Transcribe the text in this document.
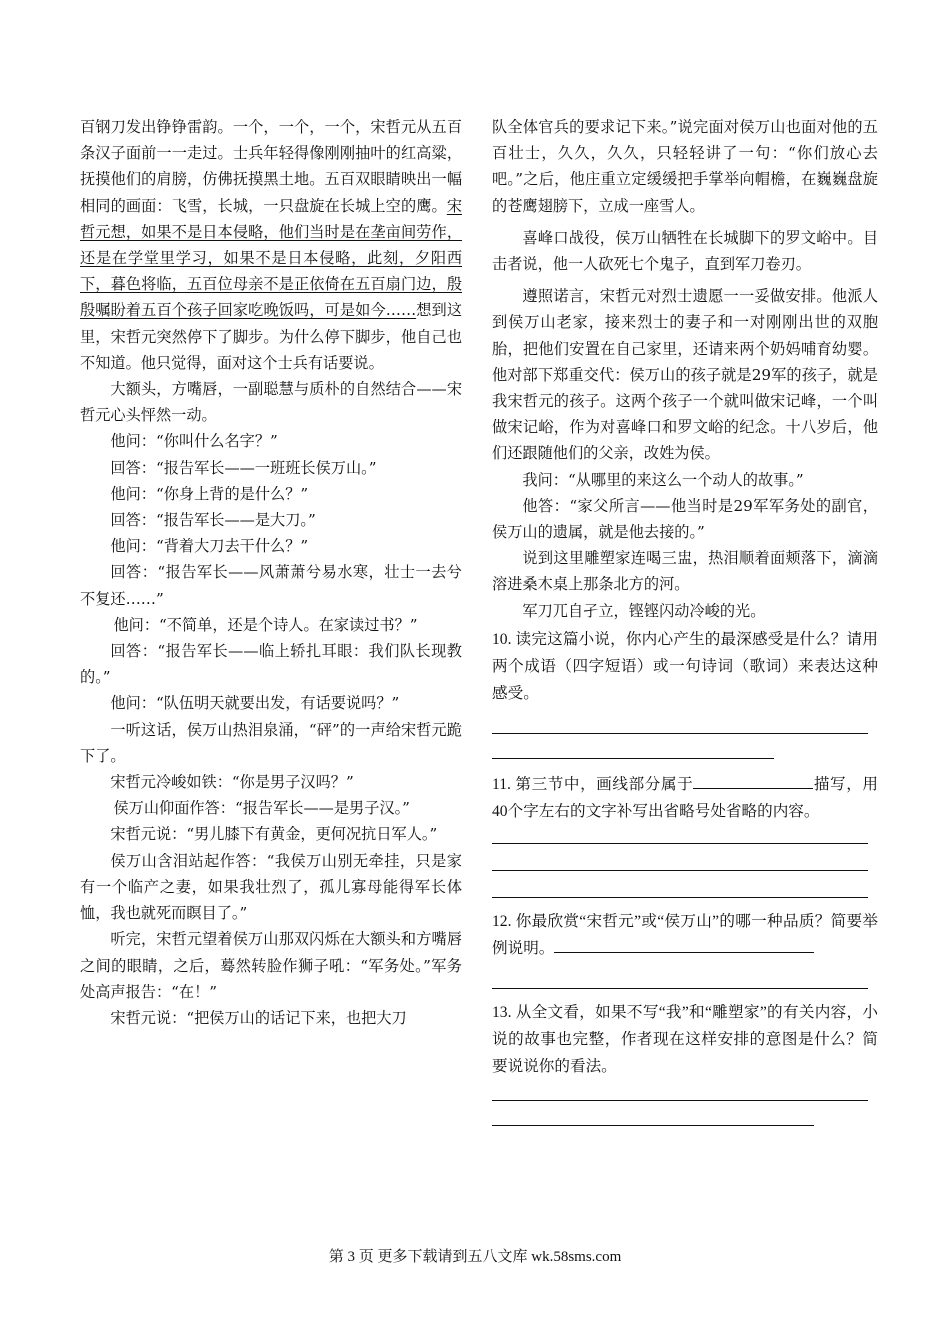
百钢刀发出铮铮雷韵。一个，一个，一个，宋哲元从五百条汉子面前一一走过。士兵年轻得像刚刚抽叶的红高粱，抚摸他们的肩膀，仿佛抚摸黑土地。五百双眼睛映出一幅相同的画面：飞雪，长城，一只盘旋在长城上空的鹰。宋哲元想，如果不是日本侵略，他们当时是在垄亩间劳作，还是在学堂里学习，如果不是日本侵略，此刻，夕阳西下，暮色将临，五百位母亲不是正依倚在五百扇门边，殷殷嘱盼着五百个孩子回家吃晚饭吗，可是如今……想到这里，宋哲元突然停下了脚步。为什么停下脚步，他自己也不知道。他只觉得，面对这个士兵有话要说。

大额头，方嘴唇，一副聪慧与质朴的自然结合——宋哲元心头怦然一动。

他问：“你叫什么名字？”

回答：“报告军长——一班班长侯万山。”

他问：“你身上背的是什么？”

回答：“报告军长——是大刀。”

他问：“背着大刀去干什么？”

回答：“报告军长——风萧萧兮易水寒，壮士一去兮不复还……”

他问：“不简单，还是个诗人。在家读过书？”

回答：“报告军长——临上轿扎耳眼：我们队长现教的。”

他问：“队伍明天就要出发，有话要说吗？”

一听这话，侯万山热泪泉涌，“砰”的一声给宋哲元跪下了。

宋哲元冷峻如铁：“你是男子汉吗？”

侯万山仰面作答：“报告军长——是男子汉。”

宋哲元说：“男儿膝下有黄金，更何况抗日军人。”

侯万山含泪站起作答：“我侯万山别无牵挂，只是家有一个临产之妻，如果我壮烈了，孤儿寡母能得军长体恤，我也就死而瞑目了。”

听完，宋哲元望着侯万山那双闪烁在大额头和方嘴唇之间的眼睛，之后，蓦然转脸作狮子吼：“军务处。”军务处高声报告：“在！”

宋哲元说：“把侯万山的话记下来，也把大刀

队全体官兵的要求记下来。”说完面对侯万山也面对他的五百壮士，久久，久久，只轻轻讲了一句：“你们放心去吧。”之后，他庄重立定缓缓把手掌举向帽檐，在巍巍盘旋的苍鹰翅膀下，立成一座雪人。

喜峰口战役，侯万山牺牲在长城脚下的罗文峪中。目击者说，他一人砍死七个鬼子，直到军刀卷刃。

遵照诺言，宋哲元对烈士遗愿一一妥做安排。他派人到侯万山老家，接来烈士的妻子和一对刚刚出世的双胞胎，把他们安置在自己家里，还请来两个奶妈哺育幼婴。他对部下郑重交代：侯万山的孩子就是29军的孩子，就是我宋哲元的孩子。这两个孩子一个就叫做宋记峰，一个叫做宋记峪，作为对喜峰口和罗文峪的纪念。十八岁后，他们还跟随他们的父亲，改姓为侯。

我问：“从哪里的来这么一个动人的故事。”

他答：“家父所言——他当时是29军军务处的副官，侯万山的遗属，就是他去接的。”

说到这里雕塑家连喝三盅，热泪顺着面颊落下，滴滴溶进桑木桌上那条北方的河。

军刀兀自孑立，铿铿闪动冷峻的光。

10. 读完这篇小说，你内心产生的最深感受是什么？请用两个成语（四字短语）或一句诗词（歌词）来表达这种感受。

11. 第三节中，画线部分属于	描写，用40个字左右的文字补写出省略号处省略的内容。

12. 你最欣赏“宋哲元”或“侯万山”的哪一种品质？简要举例说明。

13. 从全文看，如果不写“我”和“雕塑家”的有关内容，小说的故事也完整，作者现在这样安排的意图是什么？简要说说你的看法。

第 3 页 更多下载请到五八文库 wk.58sms.com
